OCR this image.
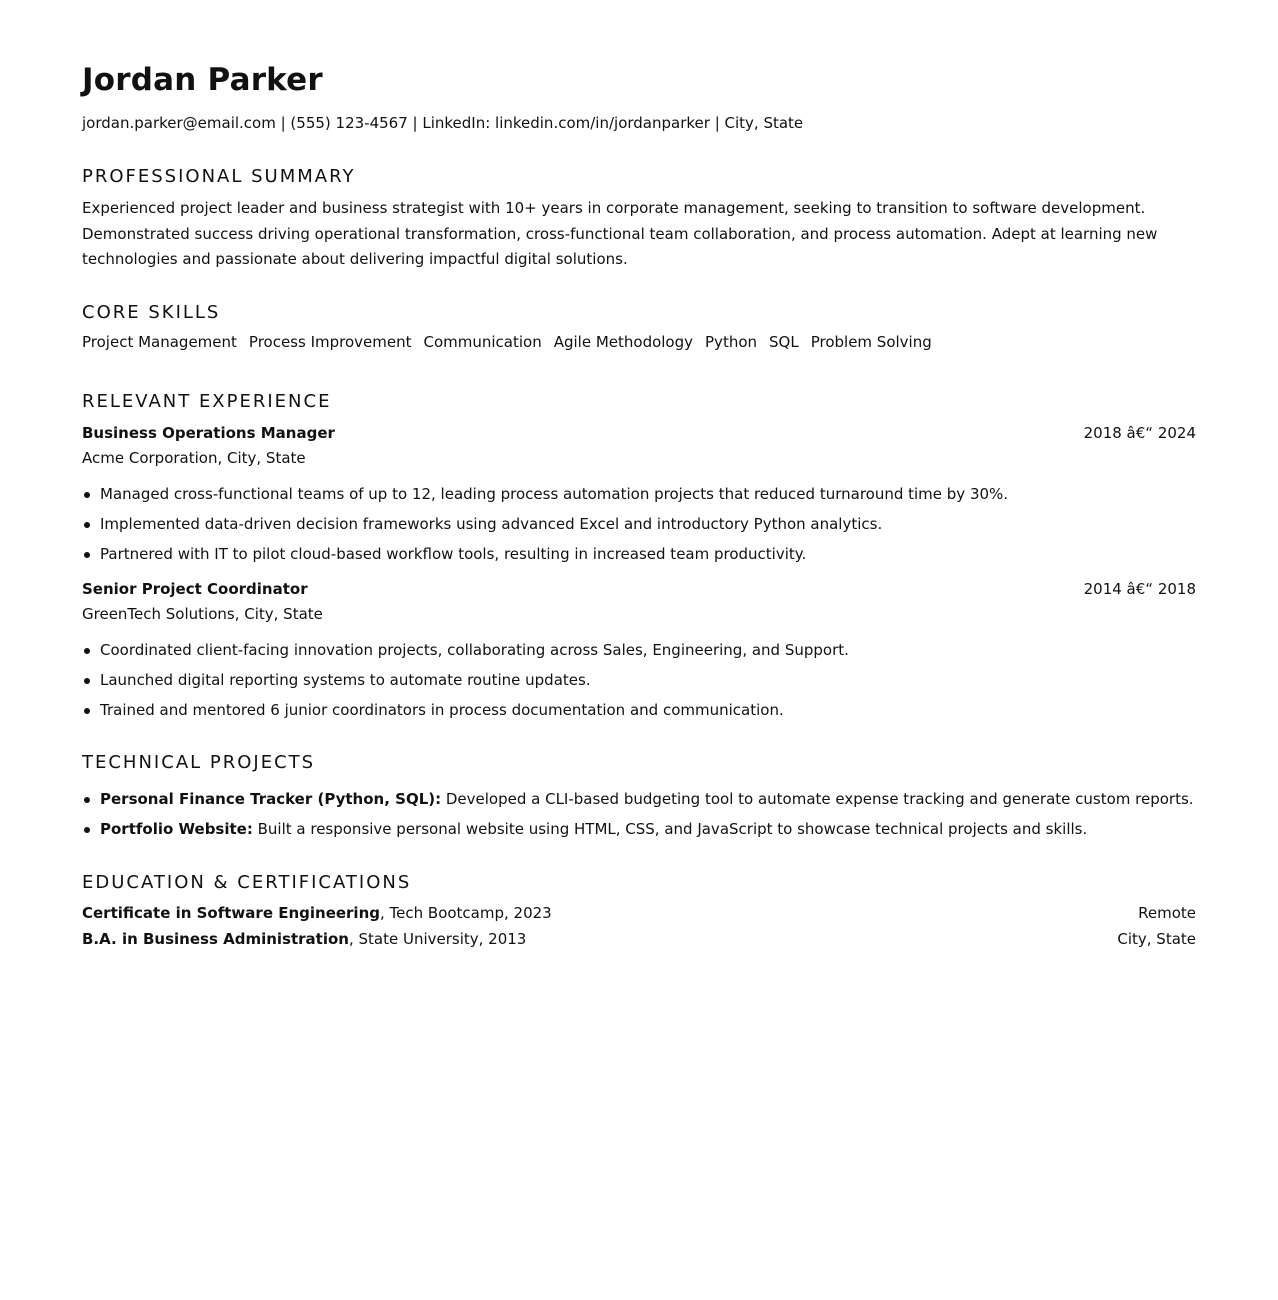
Jordan Parker
jordan.parker@email.com | (555) 123-4567 | LinkedIn: linkedin.com/in/jordanparker | City, State
PROFESSIONAL SUMMARY

Experienced project leader and business strategist with 10+ years in corporate management, seeking to transition to software development. Demonstrated success driving operational transformation, cross-functional team collaboration, and process automation. Adept at learning new technologies and passionate about delivering impactful digital solutions.

CORE SKILLS
Project Management Process Improvement Communication Agile Methodology Python SQL Problem Solving
RELEVANT EXPERIENCE
Business Operations Manager	2018 â€“ 2024
Acme Corporation, City, State
Managed cross-functional teams of up to 12, leading process automation projects that reduced turnaround time by 30%.
Implemented data-driven decision frameworks using advanced Excel and introductory Python analytics.
Partnered with IT to pilot cloud-based workflow tools, resulting in increased team productivity.
Senior Project Coordinator	2014 â€“ 2018
GreenTech Solutions, City, State
Coordinated client-facing innovation projects, collaborating across Sales, Engineering, and Support.
Launched digital reporting systems to automate routine updates.
Trained and mentored 6 junior coordinators in process documentation and communication.
TECHNICAL PROJECTS
Personal Finance Tracker (Python, SQL): Developed a CLI-based budgeting tool to automate expense tracking and generate custom reports.
Portfolio Website: Built a responsive personal website using HTML, CSS, and JavaScript to showcase technical projects and skills.
EDUCATION & CERTIFICATIONS
Certificate in Software Engineering, Tech Bootcamp, 2023	Remote
B.A. in Business Administration, State University, 2013	City, State
